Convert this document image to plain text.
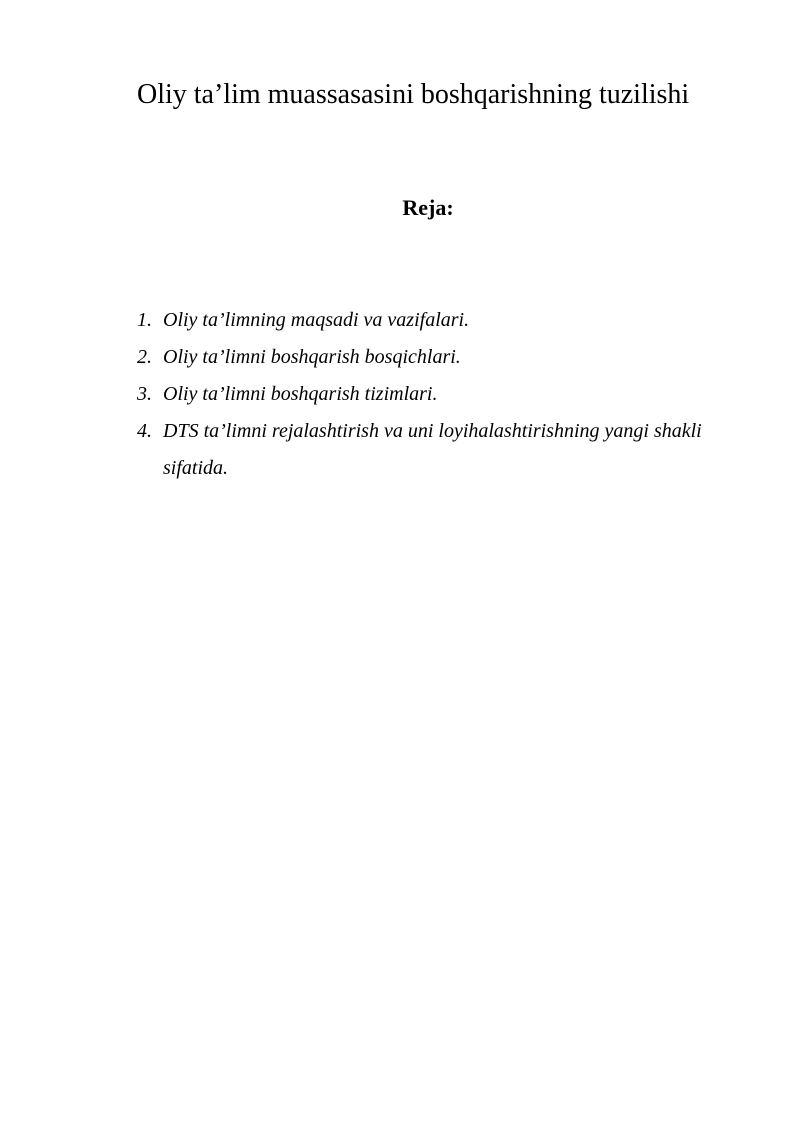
Oliy ta’lim muassasasini boshqarishning tuzilishi
Reja:
1. Oliy ta’limning maqsadi va vazifalari.
2. Oliy ta’limni boshqarish bosqichlari.
3. Oliy ta’limni boshqarish tizimlari.
4. DTS ta’limni rejalashtirish va uni loyihalashtirishning yangi shakli sifatida.
